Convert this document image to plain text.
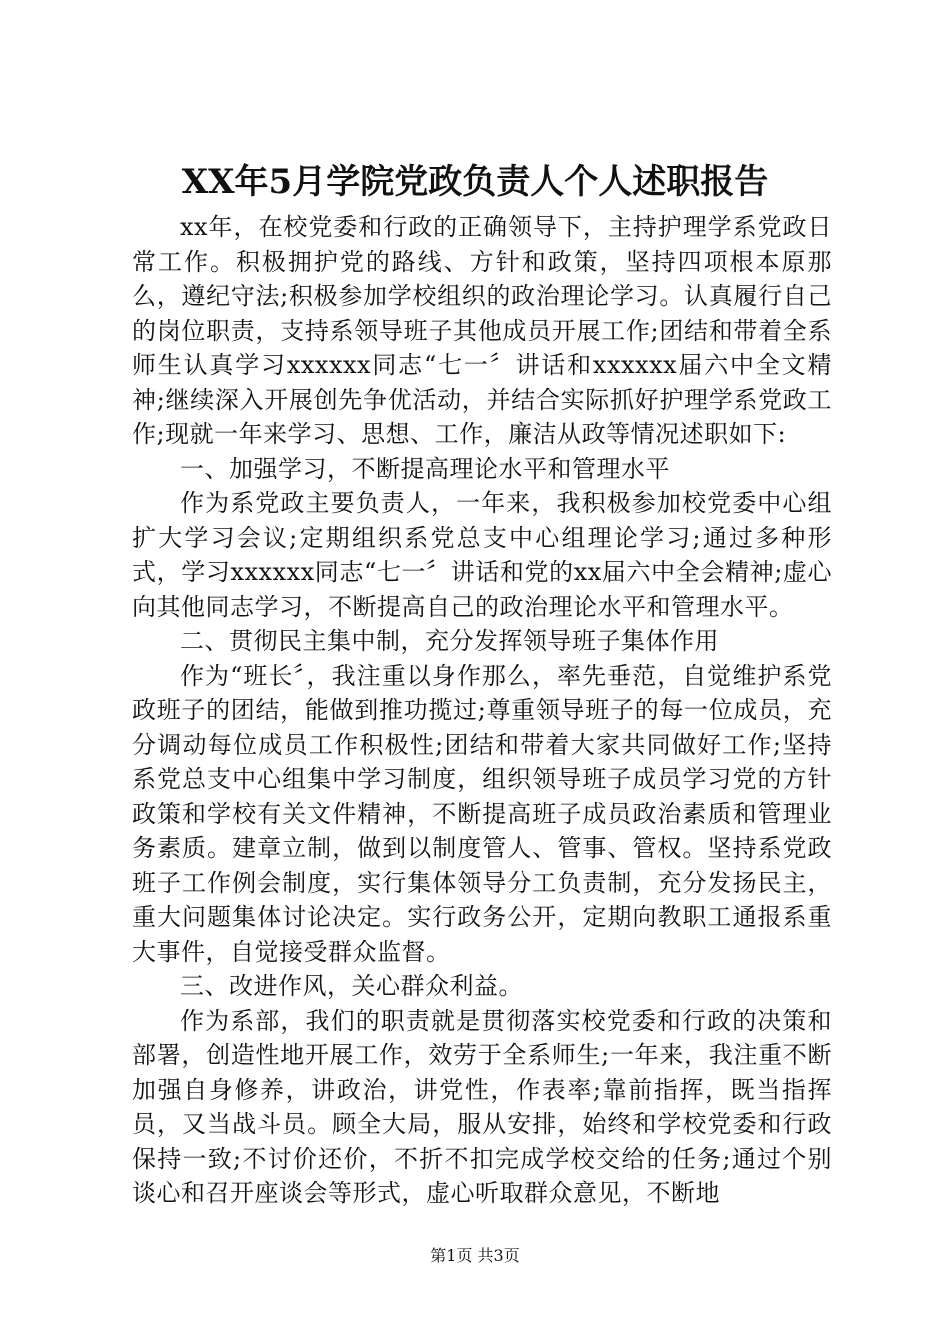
XX年5月学院党政负责人个人述职报告

xx年，在校党委和行政的正确领导下，主持护理学系党政日常工作。积极拥护党的路线、方针和政策，坚持四项根本原那么，遵纪守法;积极参加学校组织的政治理论学习。认真履行自己的岗位职责，支持系领导班子其他成员开展工作;团结和带着全系师生认真学习xxxxxx同志“七一〞讲话和xxxxxx届六中全文精神;继续深入开展创先争优活动，并结合实际抓好护理学系党政工作;现就一年来学习、思想、工作，廉洁从政等情况述职如下:

一、加强学习，不断提高理论水平和管理水平

作为系党政主要负责人，一年来，我积极参加校党委中心组扩大学习会议;定期组织系党总支中心组理论学习;通过多种形式，学习xxxxxx同志“七一〞讲话和党的xx届六中全会精神;虚心向其他同志学习，不断提高自己的政治理论水平和管理水平。

二、贯彻民主集中制，充分发挥领导班子集体作用

作为“班长〞，我注重以身作那么，率先垂范，自觉维护系党政班子的团结，能做到推功揽过;尊重领导班子的每一位成员，充分调动每位成员工作积极性;团结和带着大家共同做好工作;坚持系党总支中心组集中学习制度，组织领导班子成员学习党的方针政策和学校有关文件精神，不断提高班子成员政治素质和管理业务素质。建章立制，做到以制度管人、管事、管权。坚持系党政班子工作例会制度，实行集体领导分工负责制，充分发扬民主，重大问题集体讨论决定。实行政务公开，定期向教职工通报系重大事件，自觉接受群众监督。

三、改进作风，关心群众利益。

作为系部，我们的职责就是贯彻落实校党委和行政的决策和部署，创造性地开展工作，效劳于全系师生;一年来，我注重不断加强自身修养，讲政治，讲党性，作表率;靠前指挥，既当指挥员，又当战斗员。顾全大局，服从安排，始终和学校党委和行政保持一致;不讨价还价，不折不扣完成学校交给的任务;通过个别谈心和召开座谈会等形式，虚心听取群众意见，不断地

第1页 共3页
